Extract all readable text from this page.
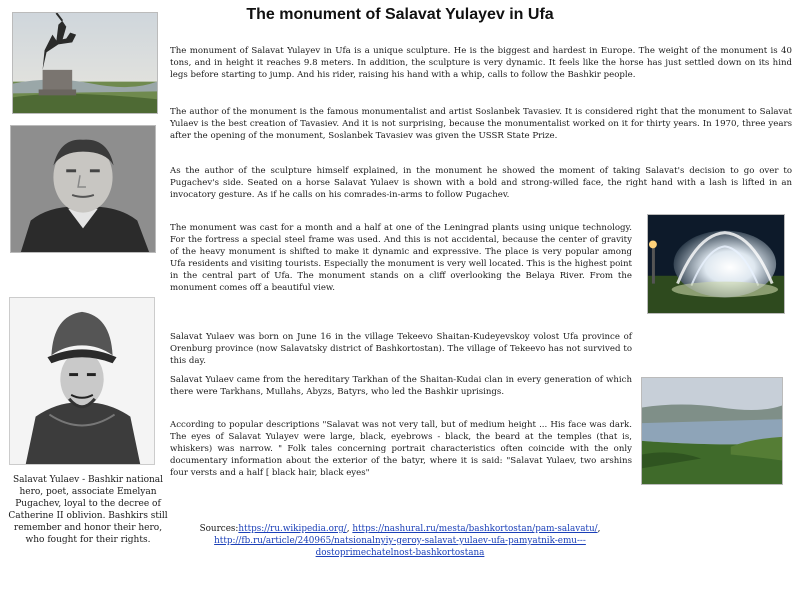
The monument of Salavat Yulayev in Ufa

The monument of Salavat Yulayev in Ufa is a unique sculpture. He is the biggest and hardest in Europe. The weight of the monument is 40 tons, and in height it reaches 9.8 meters. In addition, the sculpture is very dynamic. It feels like the horse has just settled down on its hind legs before starting to jump. And his rider, raising his hand with a whip, calls to follow the Bashkir people.

The author of the monument is the famous monumentalist and artist Soslanbek Tavasiev. It is considered right that the monument to Salavat Yulaev is the best creation of Tavasiev. And it is not surprising, because the monumentalist worked on it for thirty years. In 1970, three years after the opening of the monument, Soslanbek Tavasiev was given the USSR State Prize.

As the author of the sculpture himself explained, in the monument he showed the moment of taking Salavat's decision to go over to Pugachev's side. Seated on a horse Salavat Yulaev is shown with a bold and strong-willed face, the right hand with a lash is lifted in an invocatory gesture. As if he calls on his comrades-in-arms to follow Pugachev.

The monument was cast for a month and a half at one of the Leningrad plants using unique technology. For the fortress a special steel frame was used. And this is not accidental, because the center of gravity of the heavy monument is shifted to make it dynamic and expressive. The place is very popular among Ufa residents and visiting tourists. Especially the monument is very well located. This is the highest point in the central part of Ufa. The monument stands on a cliff overlooking the Belaya River. From the monument comes off a beautiful view.

Salavat Yulaev was born on June 16 in the village Tekeevo Shaitan-Kudeyevskoy volost Ufa province of Orenburg province (now Salavatsky district of Bashkortostan). The village of Tekeevo has not survived to this day.

Salavat Yulaev came from the hereditary Tarkhan of the Shaitan-Kudai clan in every generation of which there were Tarkhans, Mullahs, Abyzs, Batyrs, who led the Bashkir uprisings.

According to popular descriptions "Salavat was not very tall, but of medium height ... His face was dark. The eyes of Salavat Yulayev were large, black, eyebrows - black, the beard at the temples (that is, whiskers) was narrow. " Folk tales concerning portrait characteristics often coincide with the only documentary information about the exterior of the batyr, where it is said: "Salavat Yulaev, two arshins four versts and a half [ black hair, black eyes"

Salavat Yulaev - Bashkir national hero, poet, associate Emelyan Pugachev, loyal to the decree of Catherine II oblivion. Bashkirs still remember and honor their hero, who fought for their rights.
Sources:https://ru.wikipedia.org/, https://nashural.ru/mesta/bashkortostan/pam-salavatu/, http://fb.ru/article/240965/natsionalnyiy-geroy-salavat-yulaev-ufa-pamyatnik-emu---dostoprimechatelnost-bashkortostana
